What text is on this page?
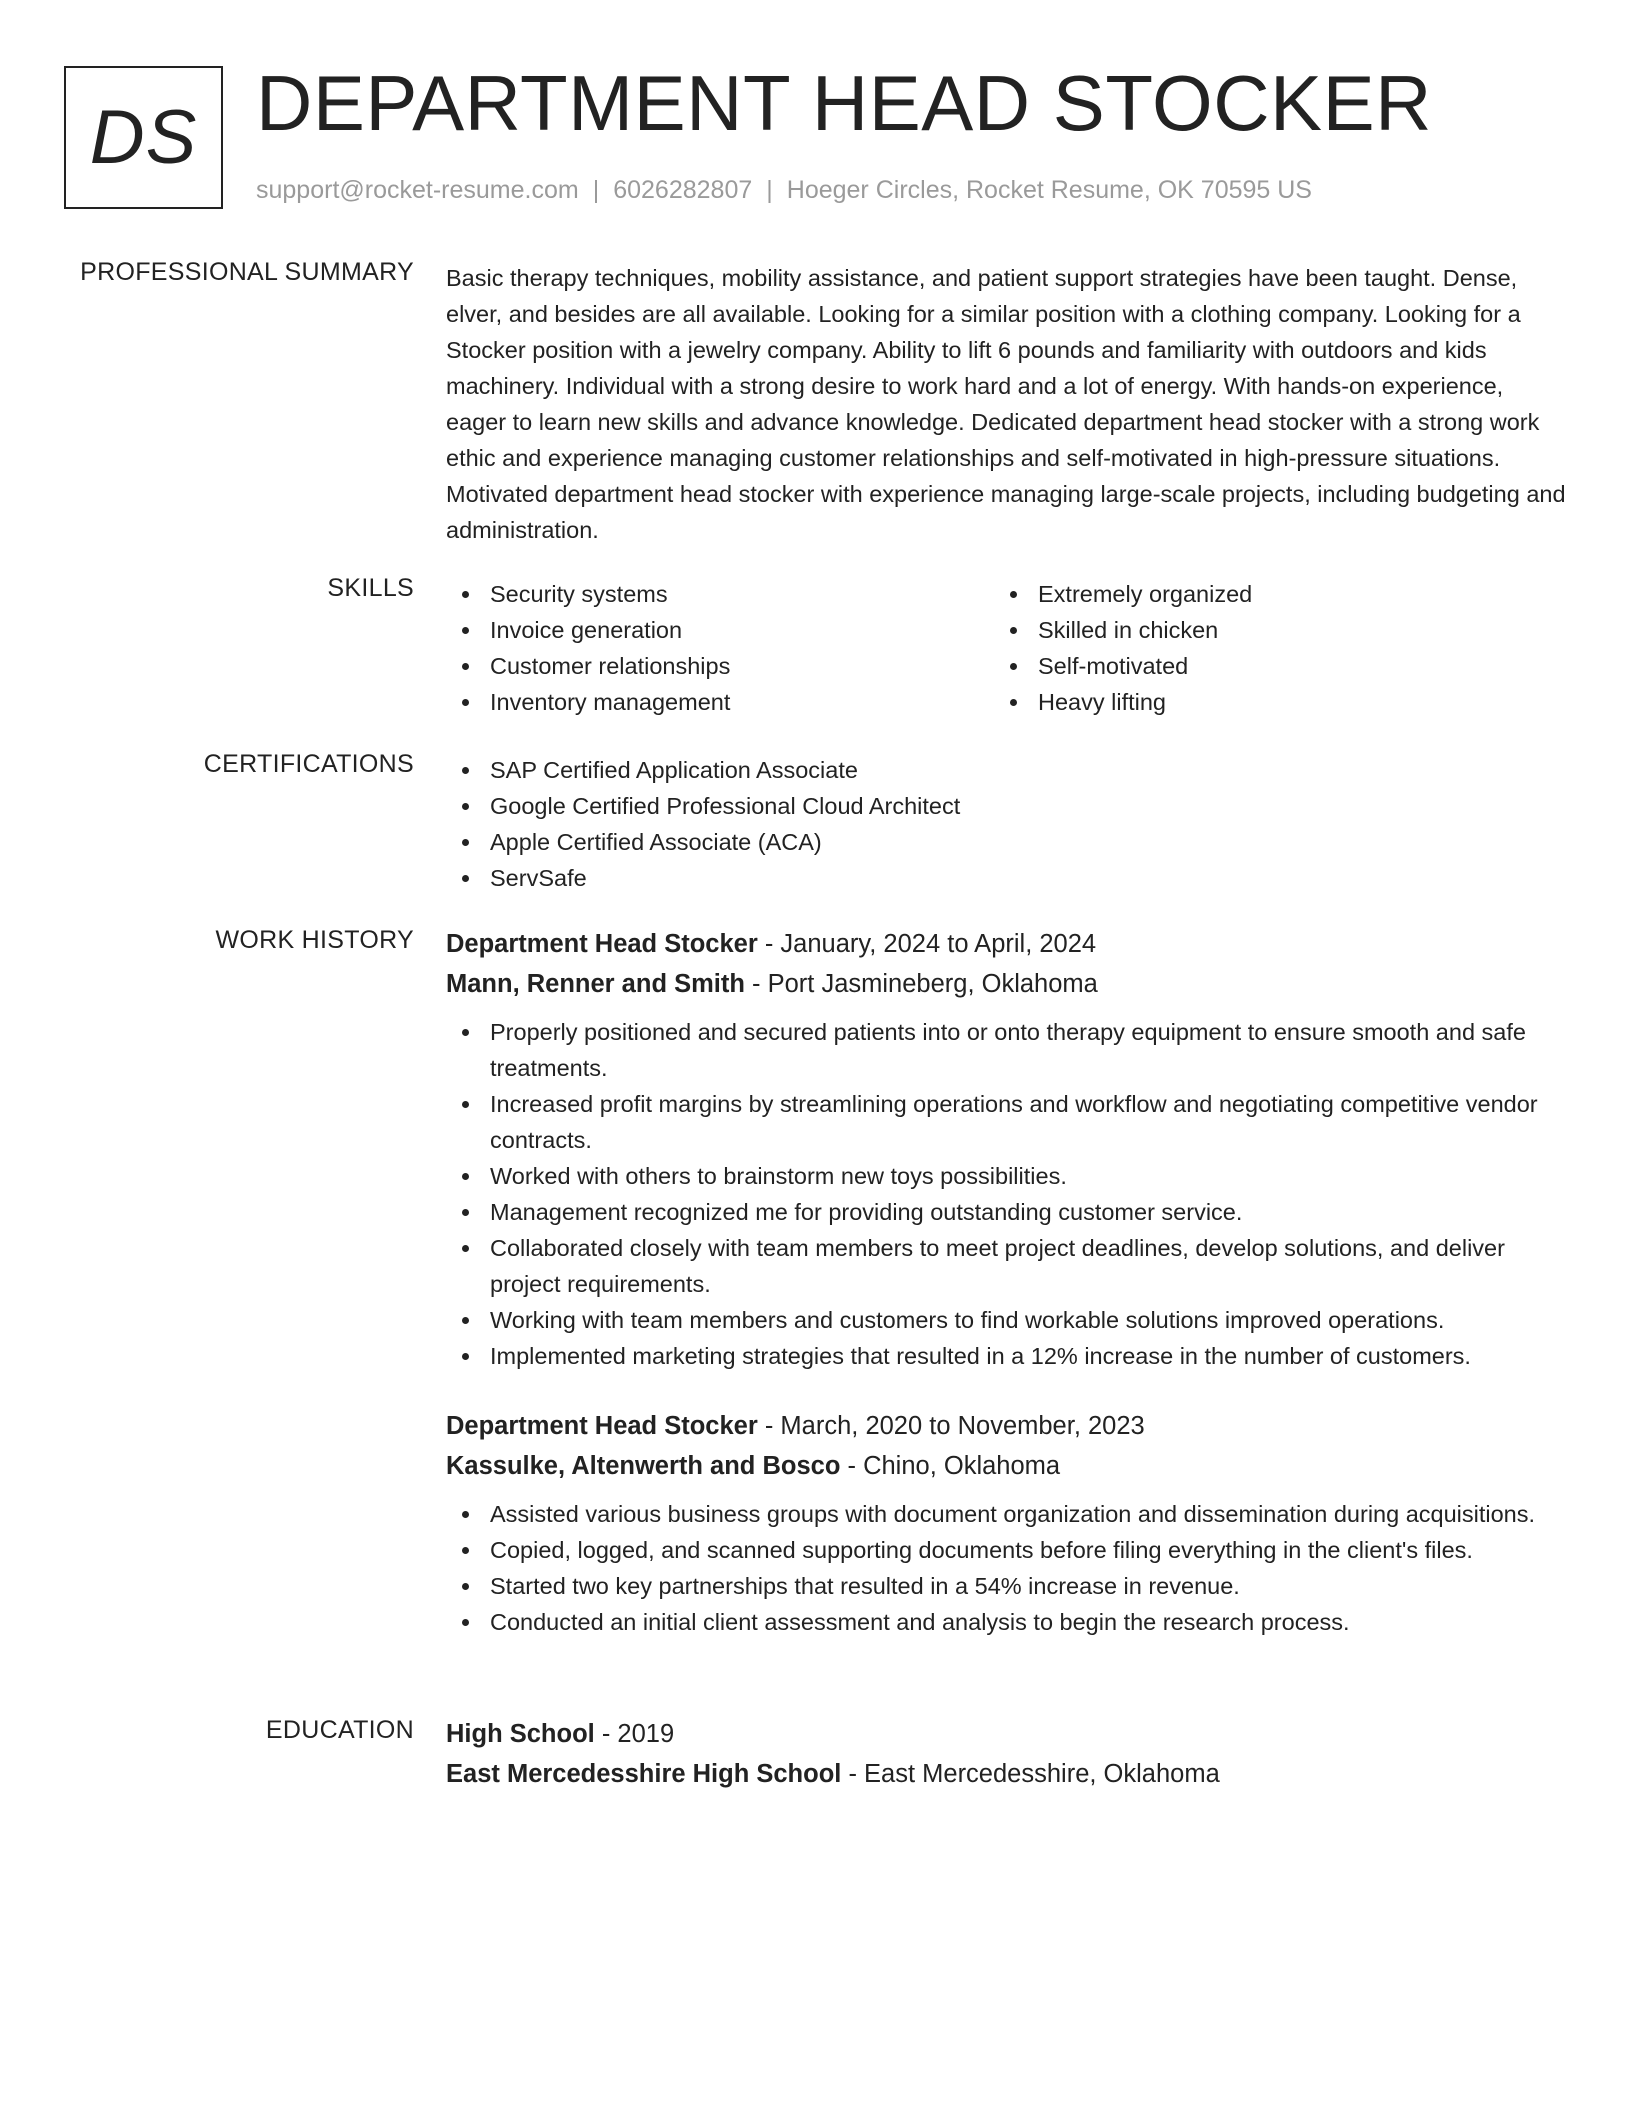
DS DEPARTMENT HEAD STOCKER
support@rocket-resume.com | 6026282807 | Hoeger Circles, Rocket Resume, OK 70595 US
PROFESSIONAL SUMMARY Basic therapy techniques, mobility assistance, and patient support strategies have been taught. Dense, elver, and besides are all available. Looking for a similar position with a clothing company. Looking for a Stocker position with a jewelry company. Ability to lift 6 pounds and familiarity with outdoors and kids machinery. Individual with a strong desire to work hard and a lot of energy. With hands-on experience, eager to learn new skills and advance knowledge. Dedicated department head stocker with a strong work ethic and experience managing customer relationships and self-motivated in high-pressure situations. Motivated department head stocker with experience managing large-scale projects, including budgeting and administration.
SKILLS	Security systems
Invoice generation
Customer relationships
Inventory management
Extremely organized
Skilled in chicken
Self-motivated
Heavy lifting
CERTIFICATIONS	SAP Certified Application Associate
Google Certified Professional Cloud Architect
Apple Certified Associate (ACA)
ServSafe
WORK HISTORY Department Head Stocker - January, 2024 to April, 2024
Mann, Renner and Smith - Port Jasmineberg, Oklahoma
Properly positioned and secured patients into or onto therapy equipment to ensure smooth and safe treatments.
Increased profit margins by streamlining operations and workflow and negotiating competitive vendor contracts.
Worked with others to brainstorm new toys possibilities.
Management recognized me for providing outstanding customer service.
Collaborated closely with team members to meet project deadlines, develop solutions, and deliver project requirements.
Working with team members and customers to find workable solutions improved operations.
Implemented marketing strategies that resulted in a 12% increase in the number of customers.
Department Head Stocker - March, 2020 to November, 2023
Kassulke, Altenwerth and Bosco - Chino, Oklahoma
Assisted various business groups with document organization and dissemination during acquisitions.
Copied, logged, and scanned supporting documents before filing everything in the client's files.
Started two key partnerships that resulted in a 54% increase in revenue.
Conducted an initial client assessment and analysis to begin the research process.
EDUCATION High School - 2019
East Mercedesshire High School - East Mercedesshire, Oklahoma
